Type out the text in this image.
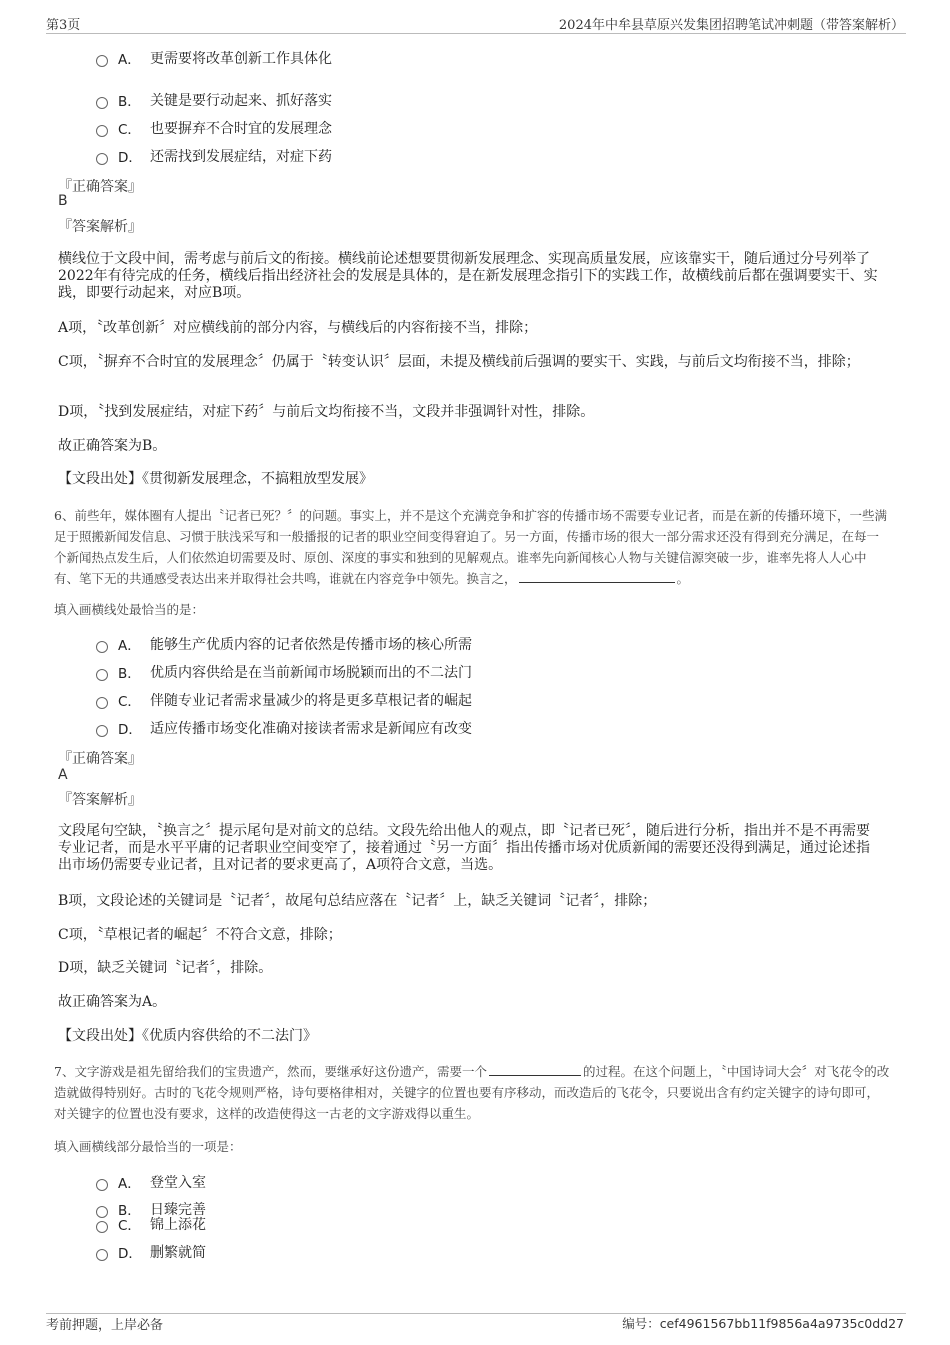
第3页	2024年中牟县草原兴发集团招聘笔试冲刺题（带答案解析）
A． 更需要将改革创新工作具体化
B． 关键是要行动起来、抓好落实
C． 也要摒弃不合时宜的发展理念
D． 还需找到发展症结，对症下药
『正确答案』
B
『答案解析』
横线位于文段中间，需考虑与前后文的衔接。横线前论述想要贯彻新发展理念、实现高质量发展，应该靠实干，随后通过分号列举了2022年有待完成的任务，横线后指出经济社会的发展是具体的，是在新发展理念指引下的实践工作，故横线前后都在强调要实干、实践，即要行动起来，对应B项。
A项，〝改革创新〞对应横线前的部分内容，与横线后的内容衔接不当，排除；
C项，〝摒弃不合时宜的发展理念〞仍属于〝转变认识〞层面，未提及横线前后强调的要实干、实践，与前后文均衔接不当，排除；
D项，〝找到发展症结，对症下药〞与前后文均衔接不当，文段并非强调针对性，排除。
故正确答案为B。
【文段出处】《贯彻新发展理念，不搞粗放型发展》
6、前些年，媒体圈有人提出〝记者已死？〞的问题。事实上，并不是这个充满竞争和扩容的传播市场不需要专业记者，而是在新的传播环境下，一些满足于照搬新闻发信息、习惯于肤浅采写和一般播报的记者的职业空间变得窘迫了。另一方面，传播市场的很大一部分需求还没有得到充分满足，在每一个新闻热点发生后，人们依然迫切需要及时、原创、深度的事实和独到的见解观点。谁率先向新闻核心人物与关键信源突破一步，谁率先将人人心中有、笔下无的共通感受表达出来并取得社会共鸣，谁就在内容竞争中领先。换言之，	。
填入画横线处最恰当的是：
A． 能够生产优质内容的记者依然是传播市场的核心所需
B． 优质内容供给是在当前新闻市场脱颖而出的不二法门
C． 伴随专业记者需求量减少的将是更多草根记者的崛起
D． 适应传播市场变化准确对接读者需求是新闻应有改变
『正确答案』
A
『答案解析』
文段尾句空缺，〝换言之〞提示尾句是对前文的总结。文段先给出他人的观点，即〝记者已死〞，随后进行分析，指出并不是不再需要专业记者，而是水平平庸的记者职业空间变窄了，接着通过〝另一方面〞指出传播市场对优质新闻的需要还没得到满足，通过论述指出市场仍需要专业记者，且对记者的要求更高了，A项符合文意，当选。
B项，文段论述的关键词是〝记者〞，故尾句总结应落在〝记者〞上，缺乏关键词〝记者〞，排除；
C项，〝草根记者的崛起〞不符合文意，排除；
D项，缺乏关键词〝记者〞，排除。
故正确答案为A。
【文段出处】《优质内容供给的不二法门》
7、文字游戏是祖先留给我们的宝贵遗产，然而，要继承好这份遗产，需要一个	的过程。在这个问题上，〝中国诗词大会〞对飞花令的改造就做得特别好。古时的飞花令规则严格，诗句要格律相对，关键字的位置也要有序移动，而改造后的飞花令，只要说出含有约定关键字的诗句即可，对关键字的位置也没有要求，这样的改造使得这一古老的文字游戏得以重生。
填入画横线部分最恰当的一项是：
A． 登堂入室
B． 日臻完善
C． 锦上添花
D． 删繁就简
考前押题，上岸必备	编号：cef4961567bb11f9856a4a9735c0dd27
